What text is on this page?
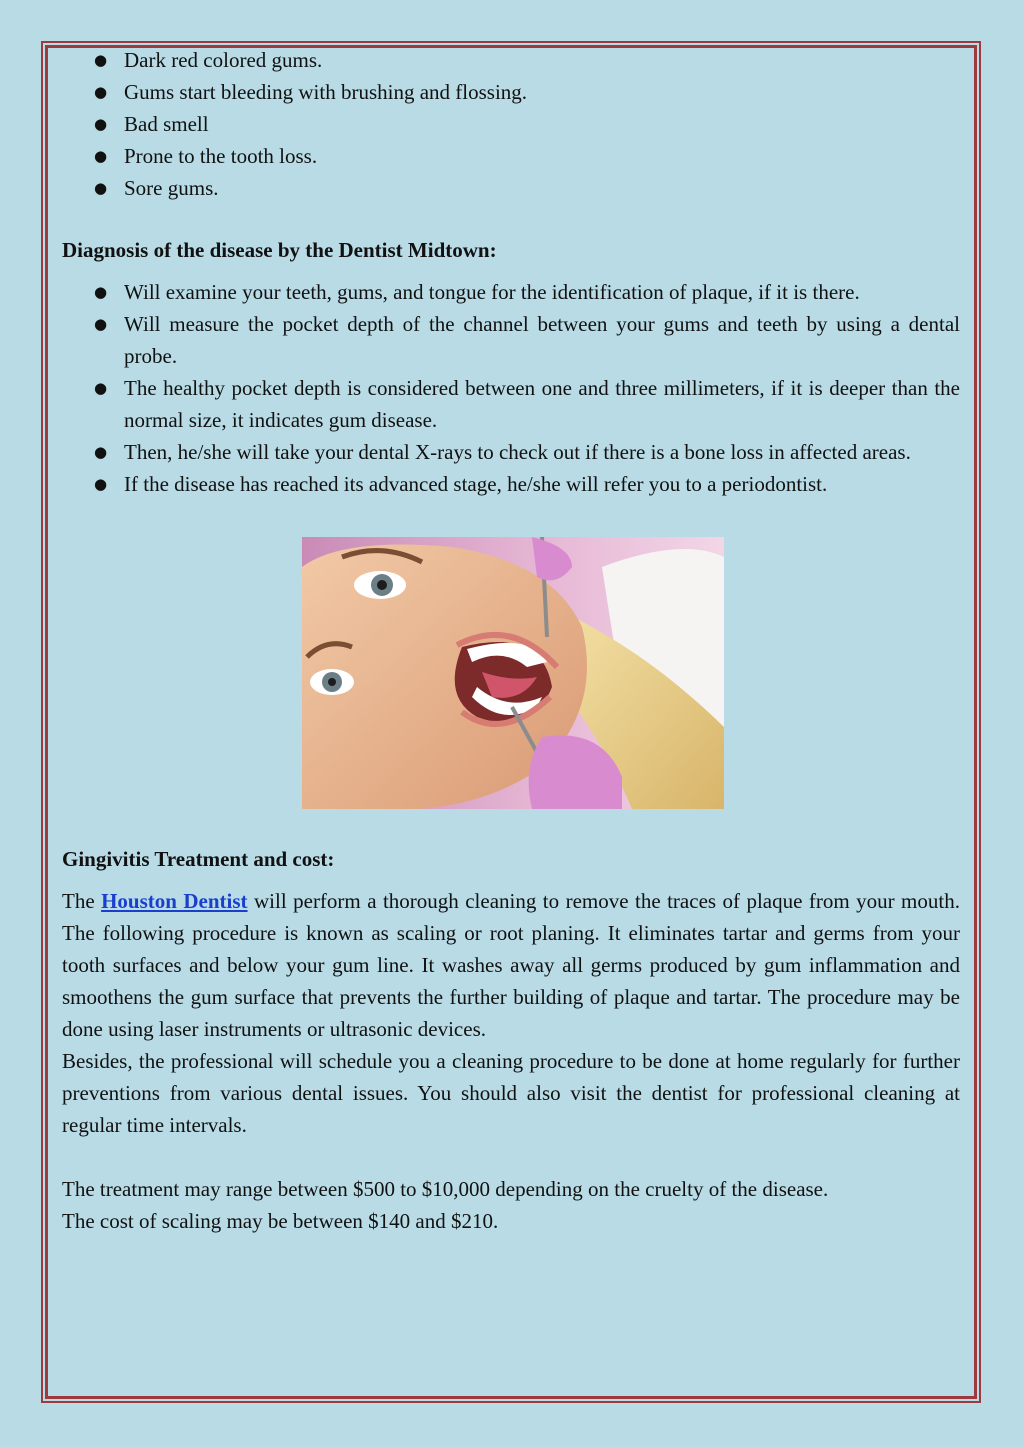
● Dark red colored gums.
● Gums start bleeding with brushing and flossing.
● Bad smell
● Prone to the tooth loss.
● Sore gums.

Diagnosis of the disease by the Dentist Midtown:

● Will examine your teeth, gums, and tongue for the identification of plaque, if it is there.
● Will measure the pocket depth of the channel between your gums and teeth by using a dental probe.
● The healthy pocket depth is considered between one and three millimeters, if it is deeper than the normal size, it indicates gum disease.
● Then, he/she will take your dental X-rays to check out if there is a bone loss in affected areas.
● If the disease has reached its advanced stage, he/she will refer you to a periodontist.

Gingivitis Treatment and cost:

The Houston Dentist will perform a thorough cleaning to remove the traces of plaque from your mouth. The following procedure is known as scaling or root planing. It eliminates tartar and germs from your tooth surfaces and below your gum line. It washes away all germs produced by gum inflammation and smoothens the gum surface that prevents the further building of plaque and tartar. The procedure may be done using laser instruments or ultrasonic devices.

Besides, the professional will schedule you a cleaning procedure to be done at home regularly for further preventions from various dental issues. You should also visit the dentist for professional cleaning at regular time intervals.

The treatment may range between $500 to $10,000 depending on the cruelty of the disease.

The cost of scaling may be between $140 and $210.
